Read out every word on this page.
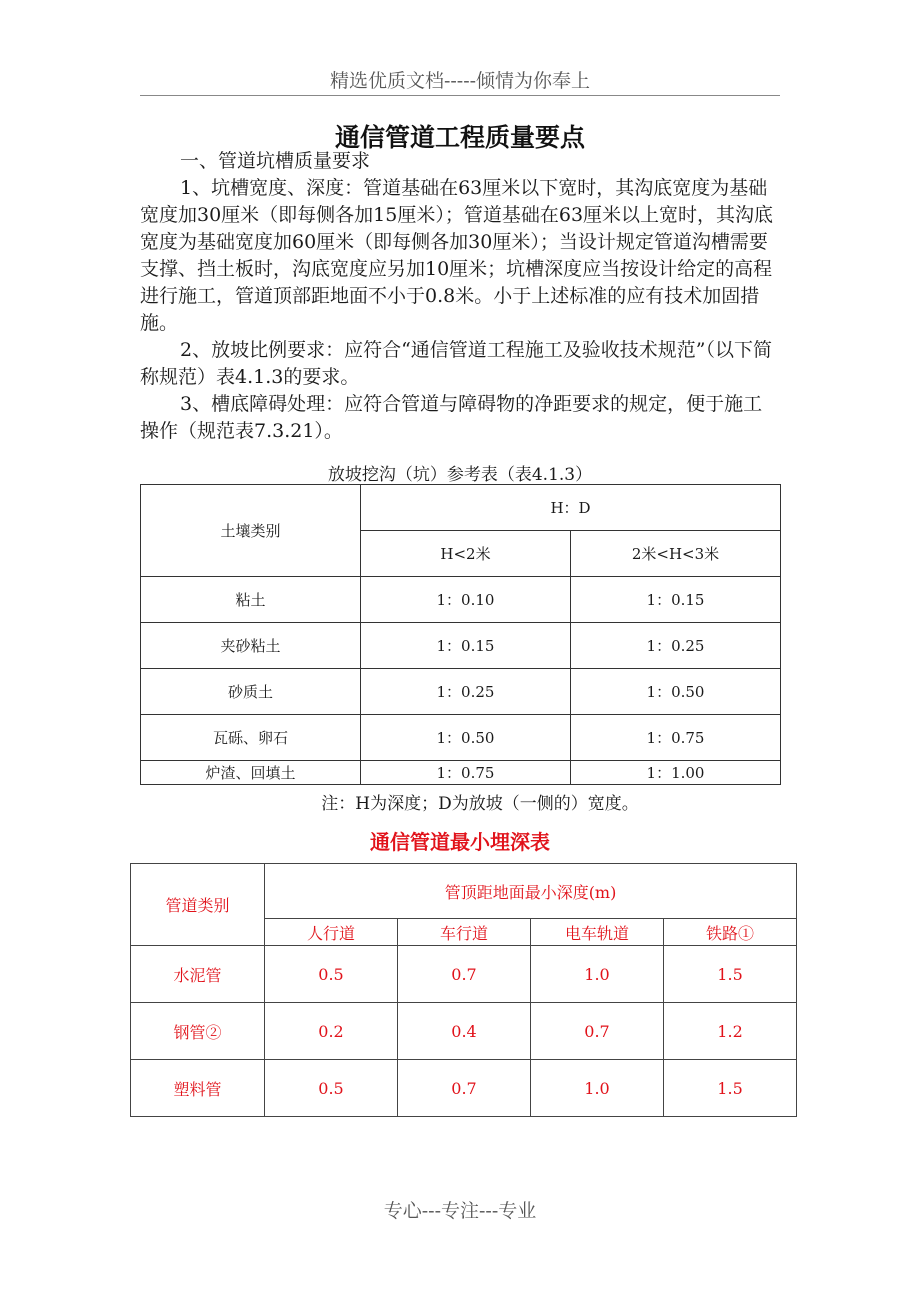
精选优质文档-----倾情为你奉上
通信管道工程质量要点

一、管道坑槽质量要求

1、坑槽宽度、深度：管道基础在63厘米以下宽时，其沟底宽度为基础宽度加30厘米（即每侧各加15厘米）；管道基础在63厘米以上宽时，其沟底宽度为基础宽度加60厘米（即每侧各加30厘米）；当设计规定管道沟槽需要支撑、挡土板时，沟底宽度应另加10厘米；坑槽深度应当按设计给定的高程进行施工，管道顶部距地面不小于0.8米。小于上述标准的应有技术加固措施。

2、放坡比例要求：应符合“通信管道工程施工及验收技术规范”（以下简称规范）表4.1.3的要求。

3、槽底障碍处理：应符合管道与障碍物的净距要求的规定，便于施工操作（规范表7.3.21）。

放坡挖沟（坑）参考表（表4.1.3）
土壤类别	H：D	
	H<2米	2米<H<3米
粘土	1：0.10	1：0.15
夹砂粘土	1：0.15	1：0.25
砂质土	1：0.25	1：0.50
瓦砾、卵石	1：0.50	1：0.75
炉渣、回填土	1：0.75	1：1.00
注：H为深度；D为放坡（一侧的）宽度。
通信管道最小埋深表
管道类别	管顶距地面最小深度(m)			
	人行道	车行道	电车轨道	铁路①
水泥管	0.5	0.7	1.0	1.5
钢管②	0.2	0.4	0.7	1.2
塑料管	0.5	0.7	1.0	1.5
专心---专注---专业
